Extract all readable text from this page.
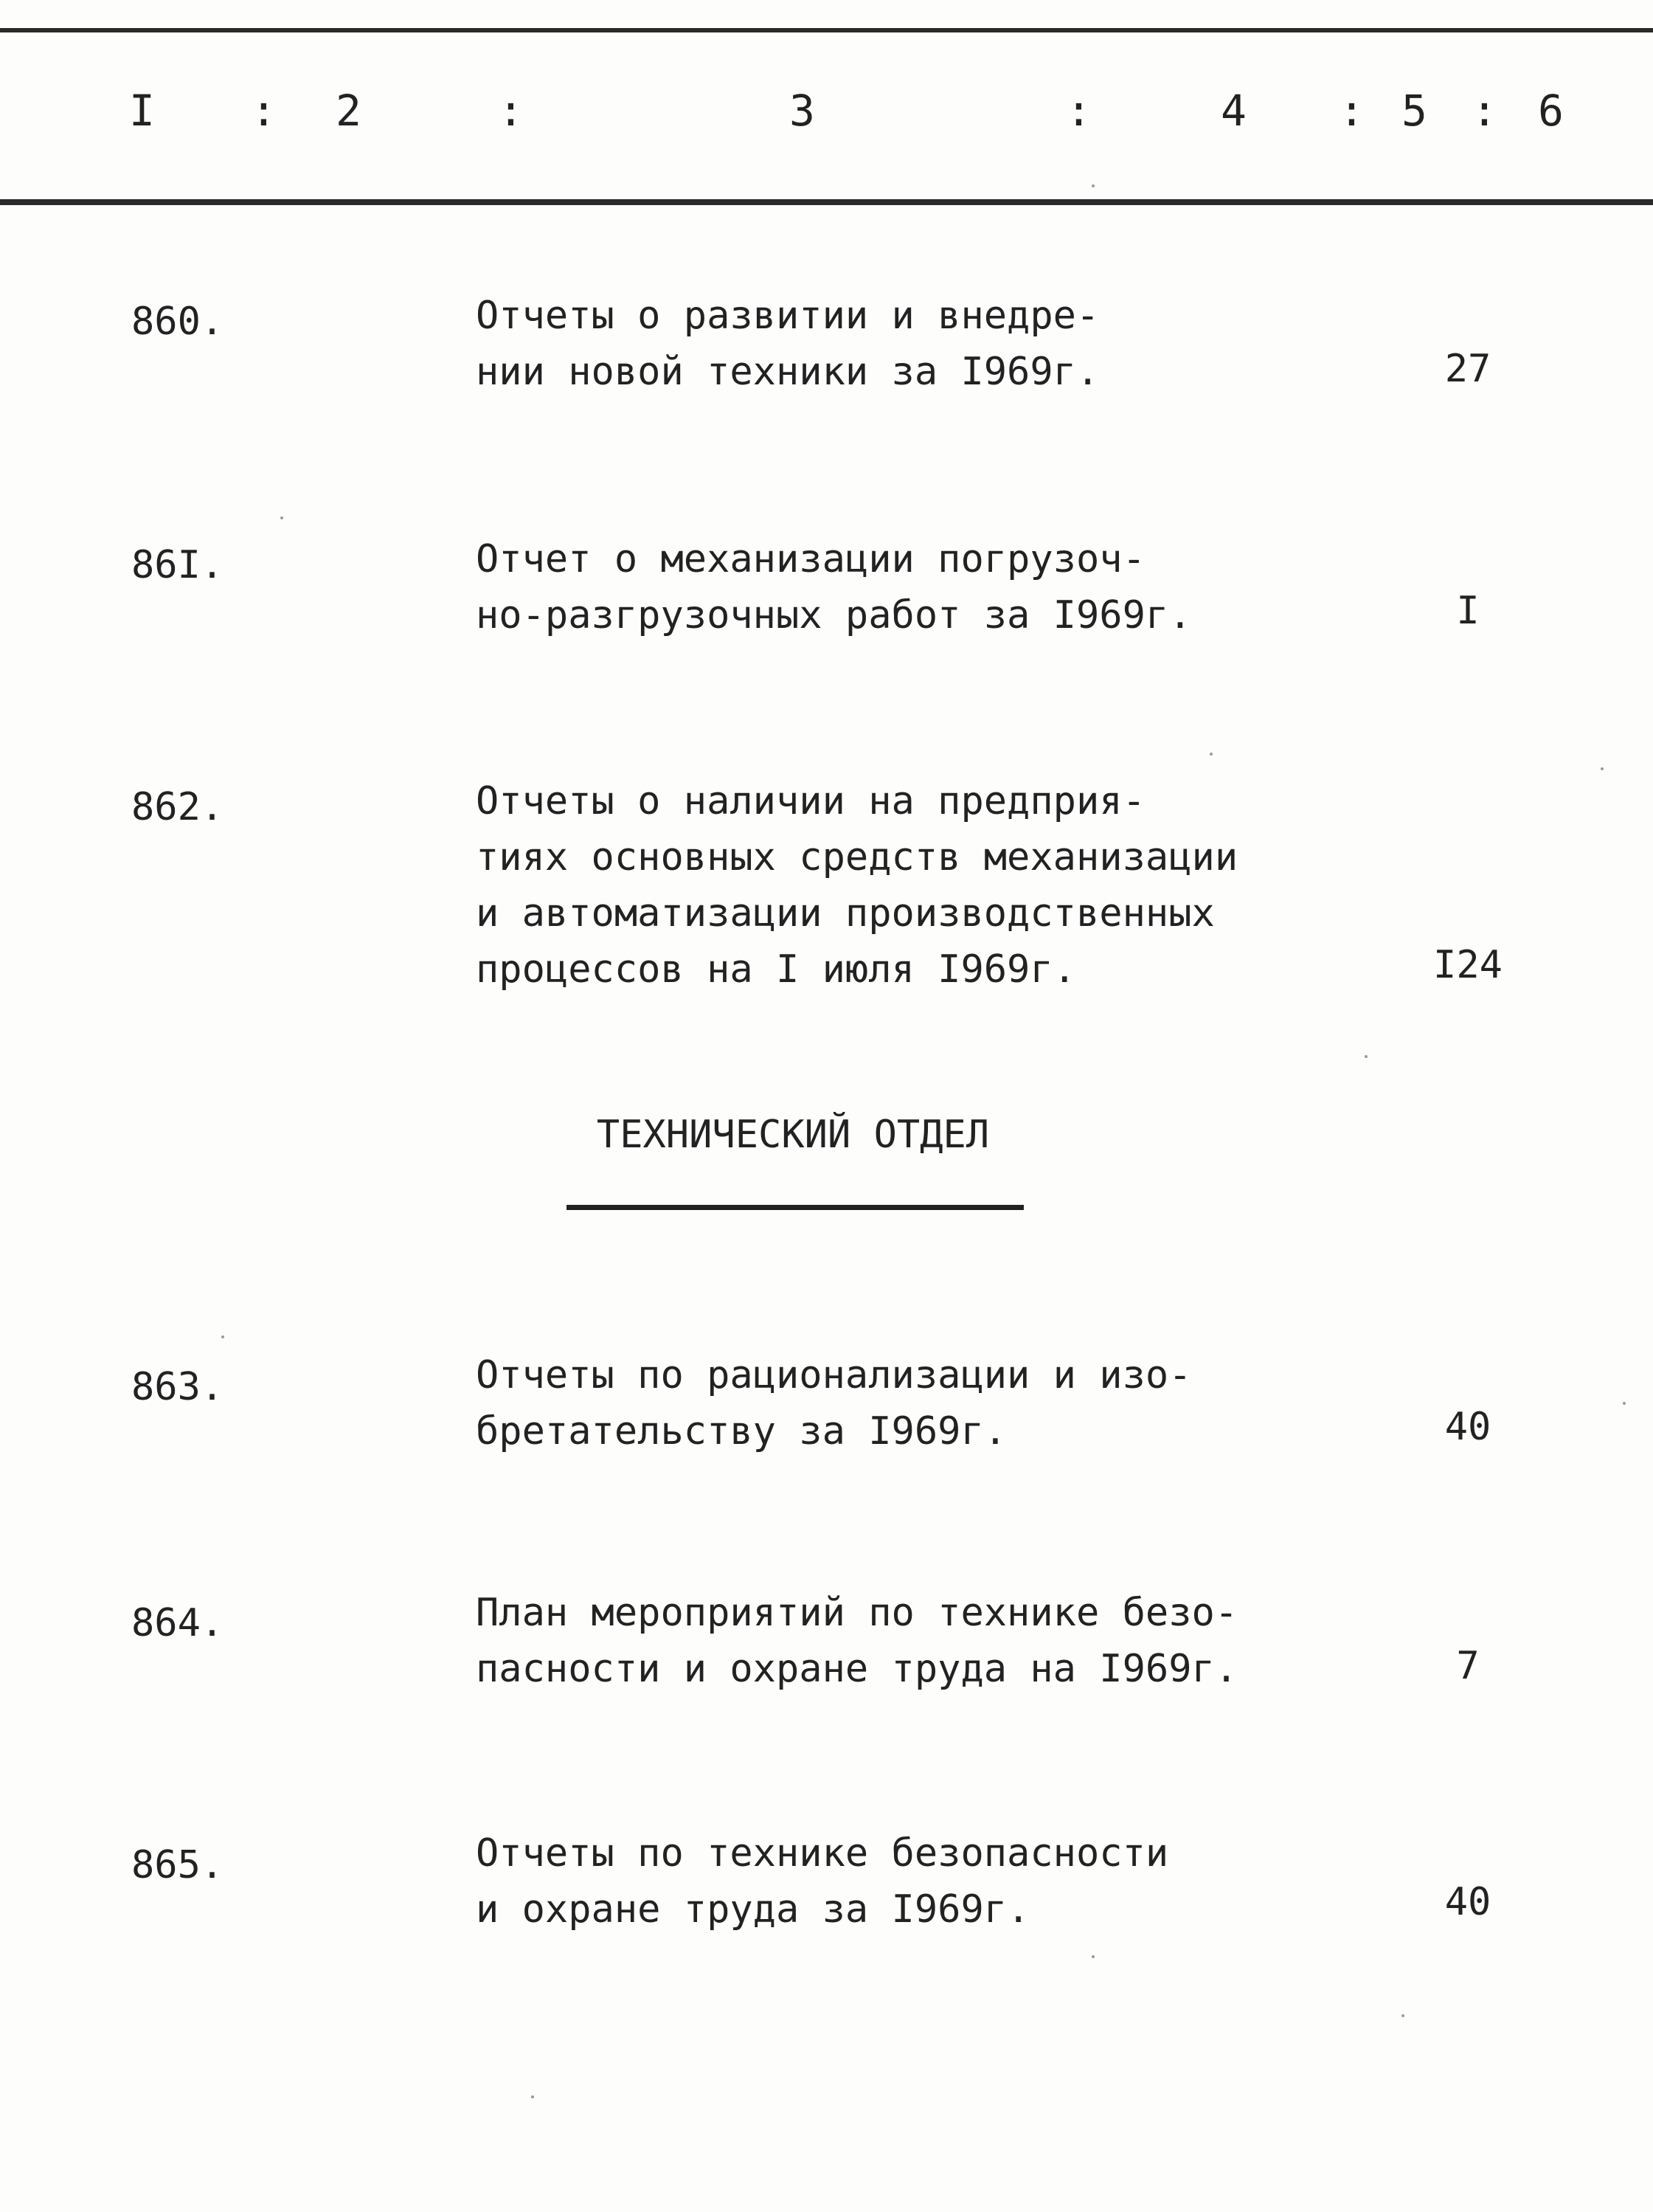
I : 2	:	3	:	4 : 5 : 6
860.	Отчеты о развитии и внедре-
нии новой техники за I969г.	27
86I.	Отчет о механизации погрузоч-
но-разгрузочных работ за I969г.	I
862.	Отчеты о наличии на предприя-
тиях основных средств механизации
и автоматизации производственных
процессов на I июля I969г.	I24
ТЕХНИЧЕСКИЙ ОТДЕЛ
863.	Отчеты по рационализации и изо-
бретательству за I969г.	40
864.	План мероприятий по технике безо-
пасности и охране труда на I969г.	7
865.	Отчеты по технике безопасности
и охране труда за I969г.	40
